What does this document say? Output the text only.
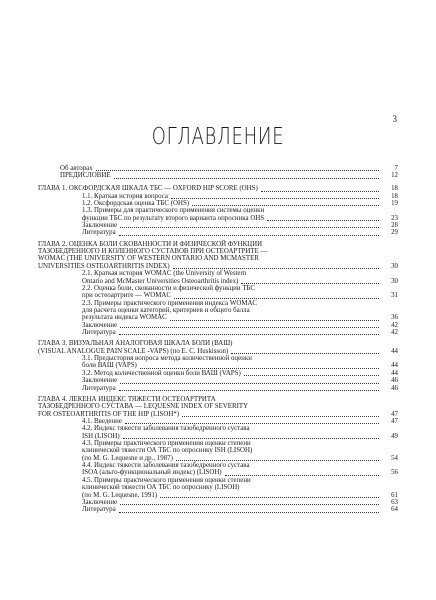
3
ОГЛАВЛЕНИЕ
Об авторах	7
ПРЕДИСЛОВИЕ	12
ГЛАВА 1. ОКСФОРДСКАЯ ШКАЛА ТБС — OXFORD HIP SCORE (OHS)	18
1.1. Краткая история вопроса	18
1.2. Оксфордская оценка ТБС (OHS)	19
1.3. Примеры для практического применения системы оценки
функции ТБС по результату второго варианта опросника OHS	23
Заключение	28
Литература	29
ГЛАВА 2. ОЦЕНКА БОЛИ СКОВАННОСТИ И ФИЗИЧЕСКОЙ ФУНКЦИИ
ТАЗОБЕДРЕННОГО И КОЛЕННОГО СУСТАВОВ ПРИ ОСТЕОАРТРИТЕ —
WOMAC (THE UNIVERSITY OF WESTERN ONTARIO AND MCMASTER
UNIVERSITIES OSTEOARTHRITIS INDEX)	30
2.1. Краткая история WOMAC (the University of Western
Ontario and McMaster Universities Osteoarthritis index)	30
2.2. Оценка боли, скованности и физической функции ТБС
при остеоартрите — WOMAC	31
2.3. Примеры практического применения индекса WOMAC
для расчета оценки категорий, критериев и общего балла
результата индекса WOMAC	36
Заключение	42
Литература	42
ГЛАВА 3. ВИЗУАЛЬНАЯ АНАЛОГОВАЯ ШКАЛА БОЛИ (ВАШ)
(VISUAL ANALOGUE PAIN SCALE -VAPS) (по E. C. Huskisson)	44
3.1. Предыстория вопроса метода количественной оценки
боли ВАШ (VAPS)	44
3.2. Метод количественной оценки боли ВАШ (VAPS)	44
Заключение	46
Литература	46
ГЛАВА 4. ЛЕКЕНА ИНДЕКС ТЯЖЕСТИ ОСТЕОАРТРИТА
ТАЗОБЕДРЕННОГО СУСТАВА — LEQUESNE INDEX OF SEVERITY
FOR OSTEOARTHRITIS OF THE HIP (LISOH*)	47
4.1. Введение	47
4.2. Индекс тяжести заболевания тазобедренного сустава
ISH (LISOH)	49
4.3. Примеры практического применения оценки степени
клинической тяжести ОА ТБС по опроснику ISH (LISOH)
(по M. G. Lequesne и др., 1987)	54
4.4. Индекс тяжести заболевания тазобедренного сустава
ISOA (альго-функциональный индекс) (LISOH)	56
4.5. Примеры практического применения оценки степени
клинической тяжести ОА ТБС по опроснику (LISOH)
(по M. G. Lequesne, 1991)	61
Заключение	63
Литература	64
